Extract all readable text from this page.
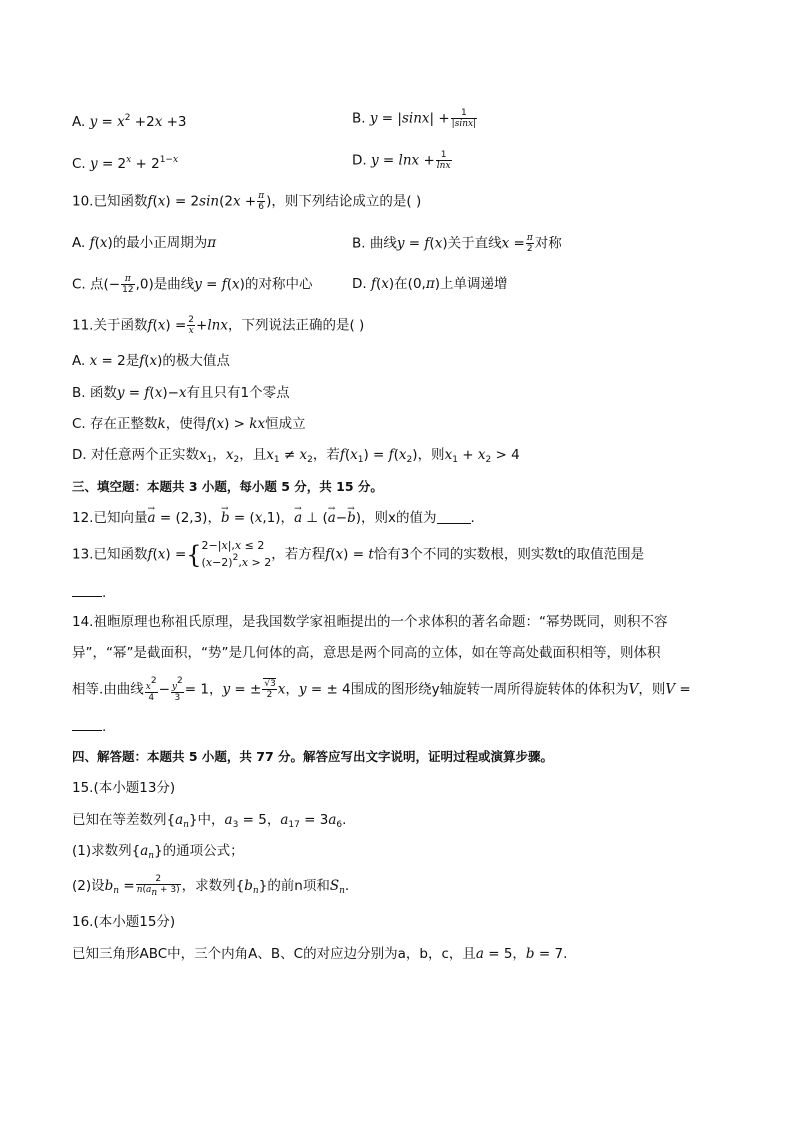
A. $y = x^2 +2x +3$	B. $y = |\sin x| + \frac{1}{|\sin x|}$
C. $y = 2^x + 2^{1-x}$	D. $y = \ln x + \frac{1}{\ln x}$
10.已知函数$f(x) = 2\sin(2x + \frac{\pi}{6}$ )，则下列结论成立的是( )
A. f(x)的最小正周期为π	B. 曲线y = f(x)关于直线$x = \frac{\pi}{2}$ 对称
C. 点(− $\frac{\pi}{12} ,0$)是曲线y = f(x)的对称中心	D. f(x)在(0,π)上单调递增
11.关于函数$f(x) = \frac{2}{x} +\ln x$，下列说法正确的是( )
A. x = 2是f(x)的极大值点
B. 函数y = f(x)−x有且只有1个零点
C. 存在正整数k，使得f(x) > kx恒成立
D. 对任意两个正实数$x_1$，$x_2$，且$x_1 \ne x_2$，若$f(x_1) = f(x_2)$，则$x_1 + x_2 > 4$
三、填空题：本题共 3 小题，每小题 5 分，共 15 分。
12.已知向量→ a = (2,3)，→ b = (x,1)，→ a ⊥ (→ a−→ b)，则x的值为	.
13.已知函数f(x) ={ 2−|x|,x ≤ 2
$(x-2)^2,x > 2$ ，若方程f(x) = t恰有3个不同的实数根，则实数t的取值范围是
.
14.祖暅原理也称祖氏原理，是我国数学家祖暅提出的一个求体积的著名命题：“幂势既同，则积不容
异”，“幂”是截面积，“势”是几何体的高，意思是两个同高的立体，如在等高处截面积相等，则体积
相等.由曲线 $\frac{x^2}{4} - \frac{y^2}{3} = 1$，y = ± $\frac{√3}{2}$ x，y = ± 4围成的图形绕y轴旋转一周所得旋转体的体积为V，则V =
.
四、解答题：本题共 5 小题，共 77 分。解答应写出文字说明，证明过程或演算步骤。
15.(本小题13分)
已知在等差数列$\{a_n\}$中，$a_3 = 5$，$a_{17} = 3a_6$.
(1)求数列$\{a_n\}$的通项公式；
(2)设$b_n = \frac{2}{n(a_n + 3)}$ ，求数列$\{b_n\}$的前n项和$S_n$.
16.(本小题15分)
已知三角形ABC中，三个内角A、B、C的对应边分别为a，b，c，且a = 5，b = 7.
